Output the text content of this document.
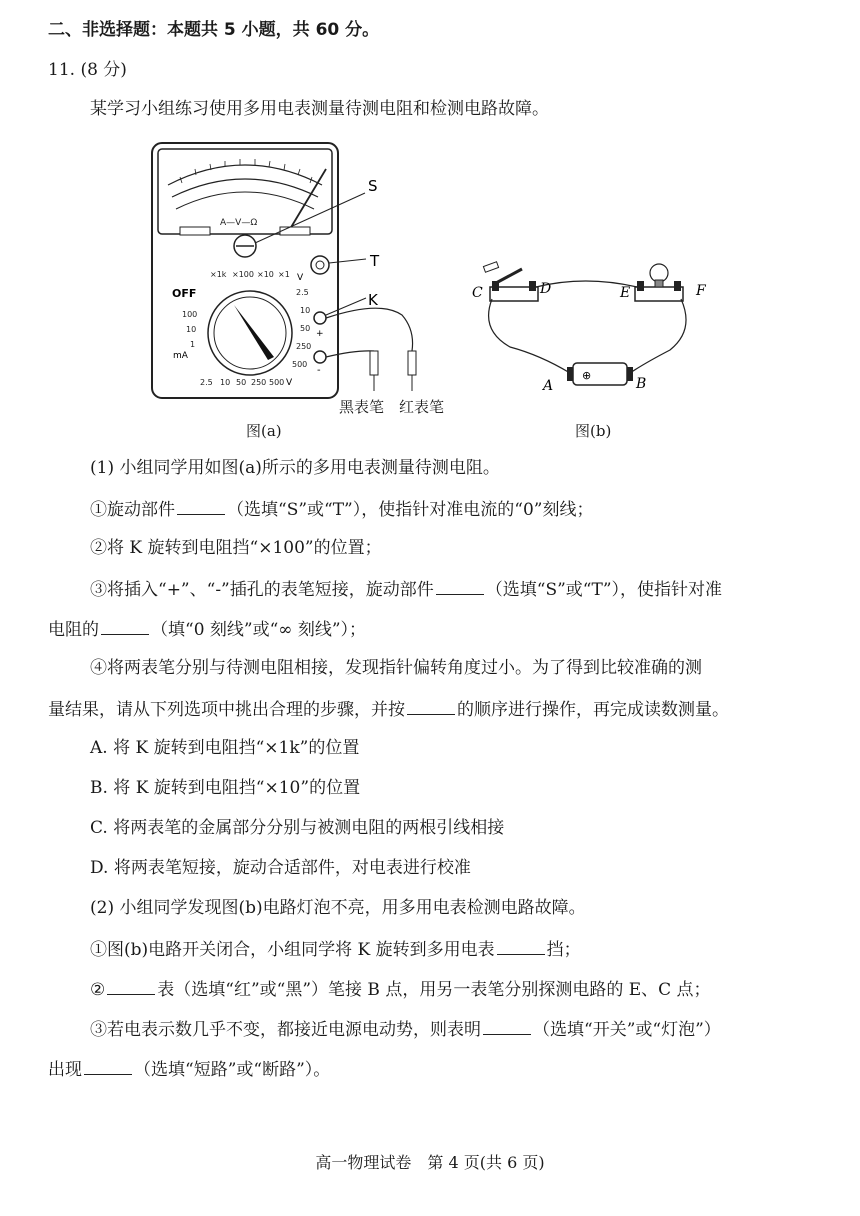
二、非选择题：本题共 5 小题，共 60 分。
11. (8 分)
某学习小组练习使用多用电表测量待测电阻和检测电路故障。
A—V—Ω
S
T
×1k ×100 ×10 ×1
OFF
100
10
1
mA
V
2.5
10
50
250
500
2.5 10 50 250 500 V
+
-
K
黑表笔 红表笔
图(a)
C	D	E	F
⊕
A	B
图(b)
(1) 小组同学用如图(a)所示的多用电表测量待测电阻。
①旋动部件	（选填“S”或“T”），使指针对准电流的“0”刻线；
②将 K 旋转到电阻挡“×100”的位置；
③将插入“+”、“-”插孔的表笔短接，旋动部件	（选填“S”或“T”），使指针对准
电阻的	（填“0 刻线”或“∞ 刻线”）；
④将两表笔分别与待测电阻相接，发现指针偏转角度过小。为了得到比较准确的测
量结果，请从下列选项中挑出合理的步骤，并按	的顺序进行操作，再完成读数测量。
A. 将 K 旋转到电阻挡“×1k”的位置
B. 将 K 旋转到电阻挡“×10”的位置
C. 将两表笔的金属部分分别与被测电阻的两根引线相接
D. 将两表笔短接，旋动合适部件，对电表进行校准
(2) 小组同学发现图(b)电路灯泡不亮，用多用电表检测电路故障。
①图(b)电路开关闭合，小组同学将 K 旋转到多用电表	挡；
②	表（选填“红”或“黑”）笔接 B 点，用另一表笔分别探测电路的 E、C 点；
③若电表示数几乎不变，都接近电源电动势，则表明	（选填“开关”或“灯泡”）
出现	（选填“短路”或“断路”）。
高一物理试卷　第 4 页(共 6 页)
